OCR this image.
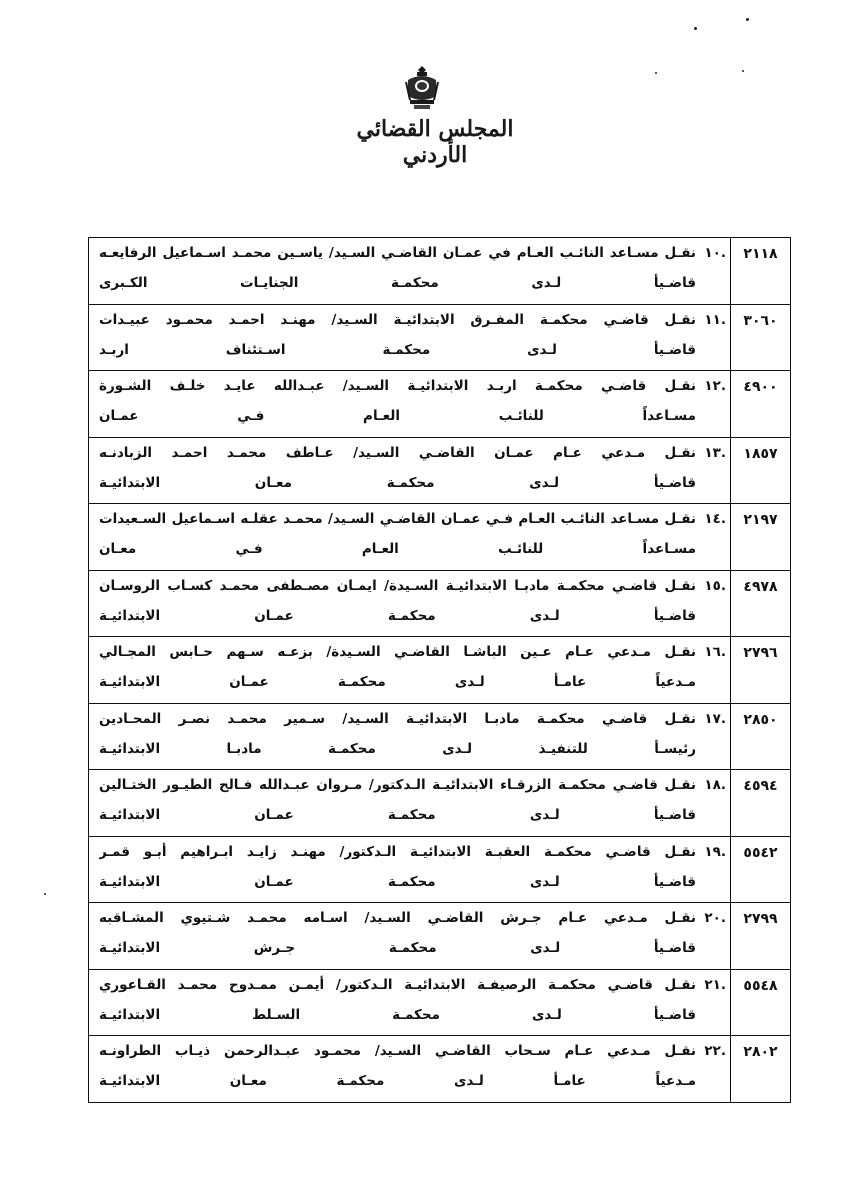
المجلس القضائي الأردني
٢١١٨	.١٠
نقـل مسـاعد النائـب العـام في عمـان القاضـي السـيد/ ياسـين محمـد اسـماعيل الرفايعـه
قاضـيأ لـدى محكمـة الجنايـات الكـبرى

٣٠٦٠	.١١
نقـل قاضـي محكمـة المفـرق الابتدائيـة السـيد/ مهنـد احمـد محمـود عبيـدات
قاضـيأ لـدى محكمـة اسـتئناف اربـد

٤٩٠٠	.١٢
نقـل قاضـي محكمـة اربـد الابتدائيـة السـيد/ عبـدالله عايـد خلـف الشـورة
مسـاعداً للنائـب العـام فـي عمـان

١٨٥٧	.١٣
نقـل مـدعي عـام عمـان القاضـي السـيد/ عـاطف محمـد احمـد الزبادنـه
قاضـيأ لـدى محكمـة معـان الابتدائيـة

٢١٩٧	.١٤
نقـل مسـاعد النائـب العـام فـي عمـان القاضـي السـيد/ محمـد عقلـه اسـماعيل السـعيدات
مسـاعداً للنائـب العـام فـي معـان

٤٩٧٨	.١٥
نقـل قاضـي محكمـة مادبـا الابتدائيـة السـيدة/ ايمـان مصـطفى محمـد كسـاب الروسـان
قاضـيأ لـدى محكمـة عمـان الابتدائيـة

٢٧٩٦	.١٦
نقـل مـدعي عـام عـين الباشـا القاضـي السـيدة/ بزعـه سـهم حـابس المجـالي
مـدعياً عامـأ لـدى محكمـة عمـان الابتدائيـة

٢٨٥٠	.١٧
نقـل قاضـي محكمـة مادبـا الابتدائيـة السـيد/ سـمير محمـد نصـر المحـادين
رئيسـأ للتنفيـذ لـدى محكمـة مادبـا الابتدائيـة

٤٥٩٤	.١٨
نقـل قاضـي محكمـة الزرقـاء الابتدائيـة الـدكتور/ مـروان عبـدالله فـالح الطيـور الختـالين
قاضـيأ لـدى محكمـة عمـان الابتدائيـة

٥٥٤٢	.١٩
نقـل قاضـي محكمـة العقبـة الابتدائيـة الـدكتور/ مهنـد زايـد ابـراهيم أبـو قمـر
قاضـيأ لـدى محكمـة عمـان الابتدائيـة

٢٧٩٩	.٢٠
نقـل مـدعي عـام جـرش القاضـي السـيد/ اسـامه محمـد شـتيوي المشـاقبه
قاضـيأ لـدى محكمـة جـرش الابتدائيـة

٥٥٤٨	.٢١
نقـل قاضـي محكمـة الرصيفـة الابتدائيـة الـدكتور/ أيمـن ممـدوح محمـد القـاعوري
قاضـيأ لـدى محكمـة السـلط الابتدائيـة

٢٨٠٢	.٢٢
نقـل مـدعي عـام سـحاب القاضـي السـيد/ محمـود عبـدالرحمن ذيـاب الطراونـه
مـدعياً عامـأ لـدى محكمـة معـان الابتدائيـة
